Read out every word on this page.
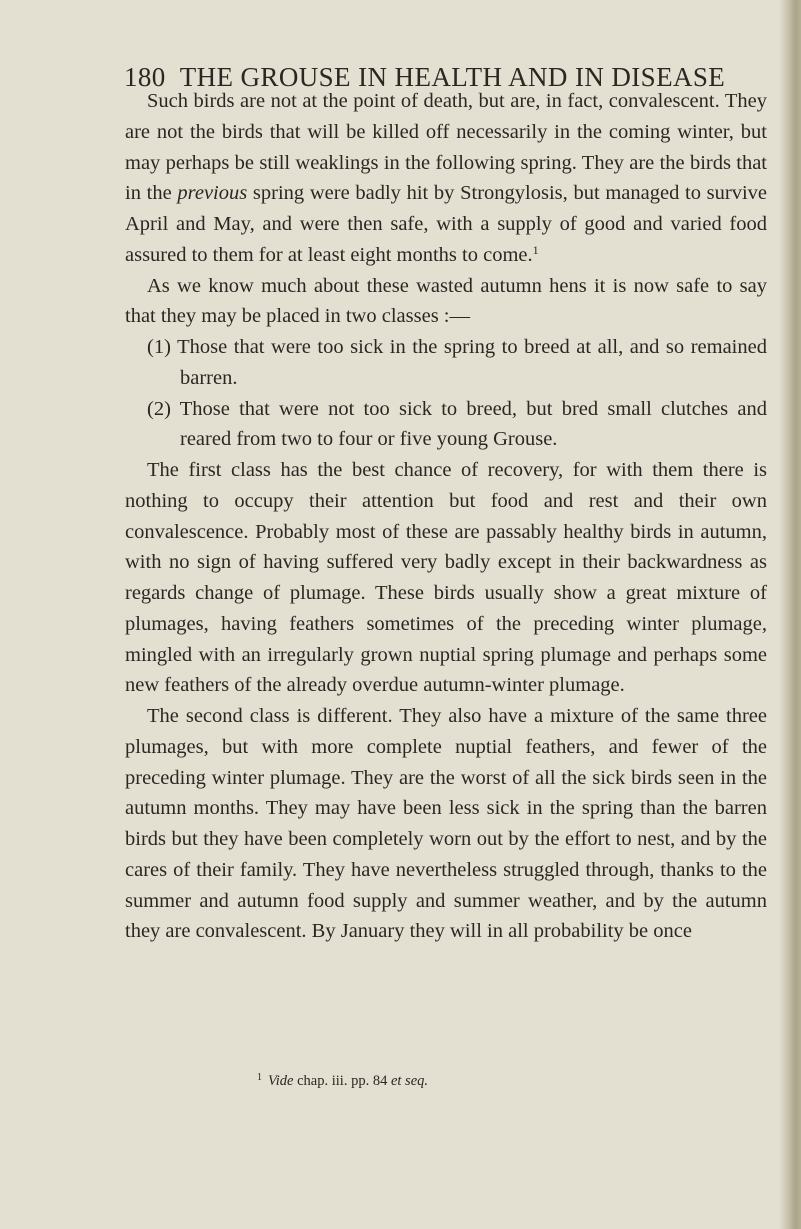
180 THE GROUSE IN HEALTH AND IN DISEASE

Such birds are not at the point of death, but are, in fact, convalescent. They are not the birds that will be killed off necessarily in the coming winter, but may perhaps be still weaklings in the following spring. They are the birds that in the previous spring were badly hit by Strongylosis, but managed to survive April and May, and were then safe, with a supply of good and varied food assured to them for at least eight months to come.$^1$

As we know much about these wasted autumn hens it is now safe to say that they may be placed in two classes :—

(1) Those that were too sick in the spring to breed at all, and so remained barren.

(2) Those that were not too sick to breed, but bred small clutches and reared from two to four or five young Grouse.

The first class has the best chance of recovery, for with them there is nothing to occupy their attention but food and rest and their own convalescence. Probably most of these are passably healthy birds in autumn, with no sign of having suffered very badly except in their backwardness as regards change of plumage. These birds usually show a great mixture of plumages, having feathers sometimes of the preceding winter plumage, mingled with an irregularly grown nuptial spring plumage and perhaps some new feathers of the already overdue autumn-winter plumage.

The second class is different. They also have a mixture of the same three plumages, but with more complete nuptial feathers, and fewer of the preceding winter plumage. They are the worst of all the sick birds seen in the autumn months. They may have been less sick in the spring than the barren birds but they have been completely worn out by the effort to nest, and by the cares of their family. They have nevertheless struggled through, thanks to the summer and autumn food supply and summer weather, and by the autumn they are convalescent. By January they will in all probability be once

$^1$ Vide chap. iii. pp. 84 et seq.
